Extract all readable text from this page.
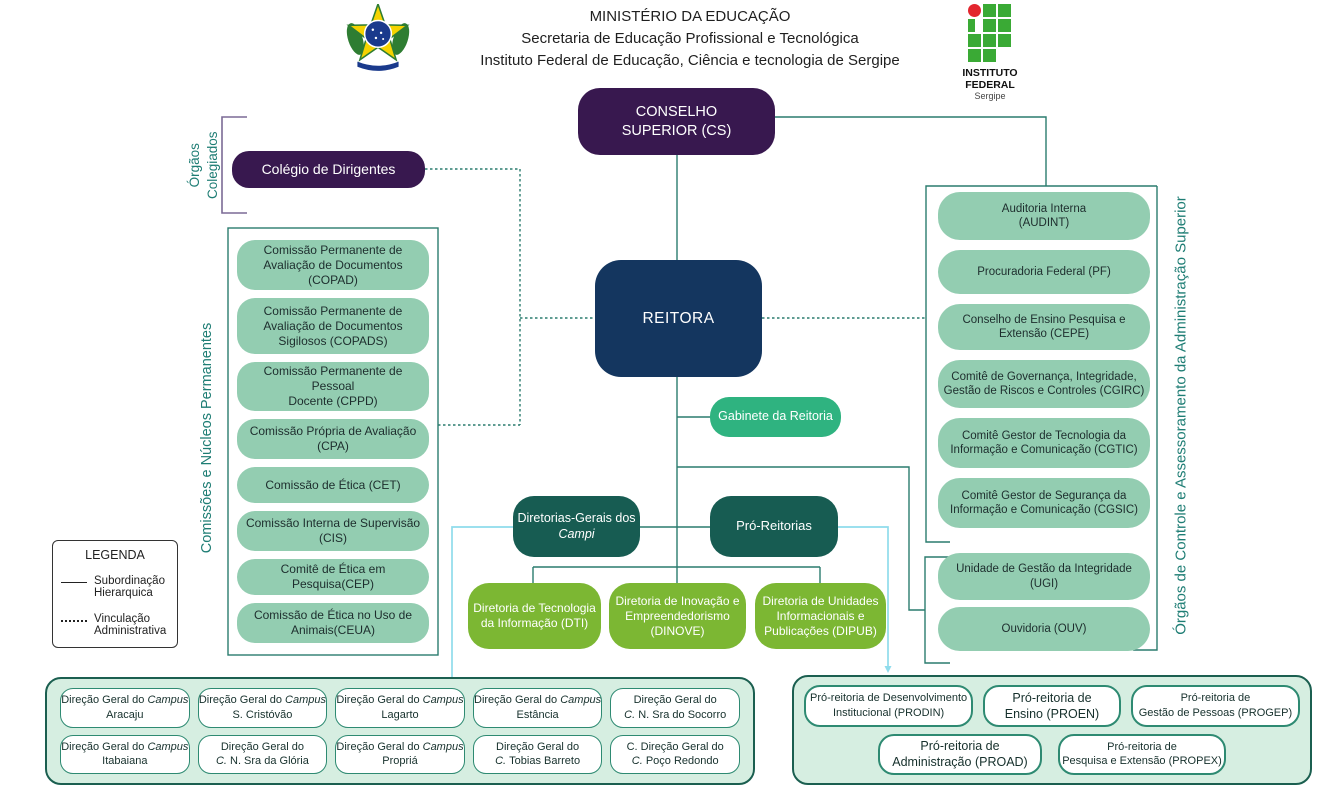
MINISTÉRIO DA EDUCAÇÃO
Secretaria de Educação Profissional e Tecnológica
Instituto Federal de Educação, Ciência e tecnologia de Sergipe
INSTITUTO
FEDERAL
Sergipe
CONSELHO
SUPERIOR (CS)
Colégio de Dirigentes
Órgãos Colegiados
REITORA
Gabinete da Reitoria
Diretorias-Gerais dos
Campi
Pró-Reitorias
Diretoria de Tecnologia
da Informação (DTI)
Diretoria de Inovação e
Empreendedorismo
(DINOVE)
Diretoria de Unidades
Informacionais e
Publicações (DIPUB)
Comissões e Núcleos Permanentes
Comissão Permanente de
Avaliação de Documentos
(COPAD)
Comissão Permanente de
Avaliação de Documentos
Sigilosos (COPADS)
Comissão Permanente de Pessoal
Docente (CPPD)
Comissão Própria de Avaliação
(CPA)
Comissão de Ética (CET)
Comissão Interna de Supervisão
(CIS)
Comitê de Ética em Pesquisa(CEP)
Comissão de Ética no Uso de
Animais(CEUA)	Órgãos de Controle e Assessoramento da Administração Superior
Auditoria Interna
(AUDINT)
Procuradoria Federal (PF)
Conselho de Ensino Pesquisa e
Extensão (CEPE)
Comitê de Governança, Integridade,
Gestão de Riscos e Controles (CGIRC)
Comitê Gestor de Tecnologia da
Informação e Comunicação (CGTIC)
Comitê Gestor de Segurança da
Informação e Comunicação (CGSIC)
Unidade de Gestão da Integridade
(UGI)
Ouvidoria (OUV)
LEGENDA
Subordinação
Hierarquica
Vinculação
Administrativa
Direção Geral do Campus
Aracaju
Direção Geral do Campus
S. Cristóvão
Direção Geral do Campus
Lagarto
Direção Geral do Campus
Estância
Direção Geral do
C. N. Sra do Socorro
Direção Geral do Campus
Itabaiana
Direção Geral do
C. N. Sra da Glória
Direção Geral do Campus
Propriá
Direção Geral do
C. Tobias Barreto
C. Direção Geral do
C. Poço Redondo
Pró-reitoria de Desenvolvimento
Institucional (PRODIN)
Pró-reitoria de
Ensino (PROEN)
Pró-reitoria de
Gestão de Pessoas (PROGEP)
Pró-reitoria de
Administração (PROAD)
Pró-reitoria de
Pesquisa e Extensão (PROPEX)
